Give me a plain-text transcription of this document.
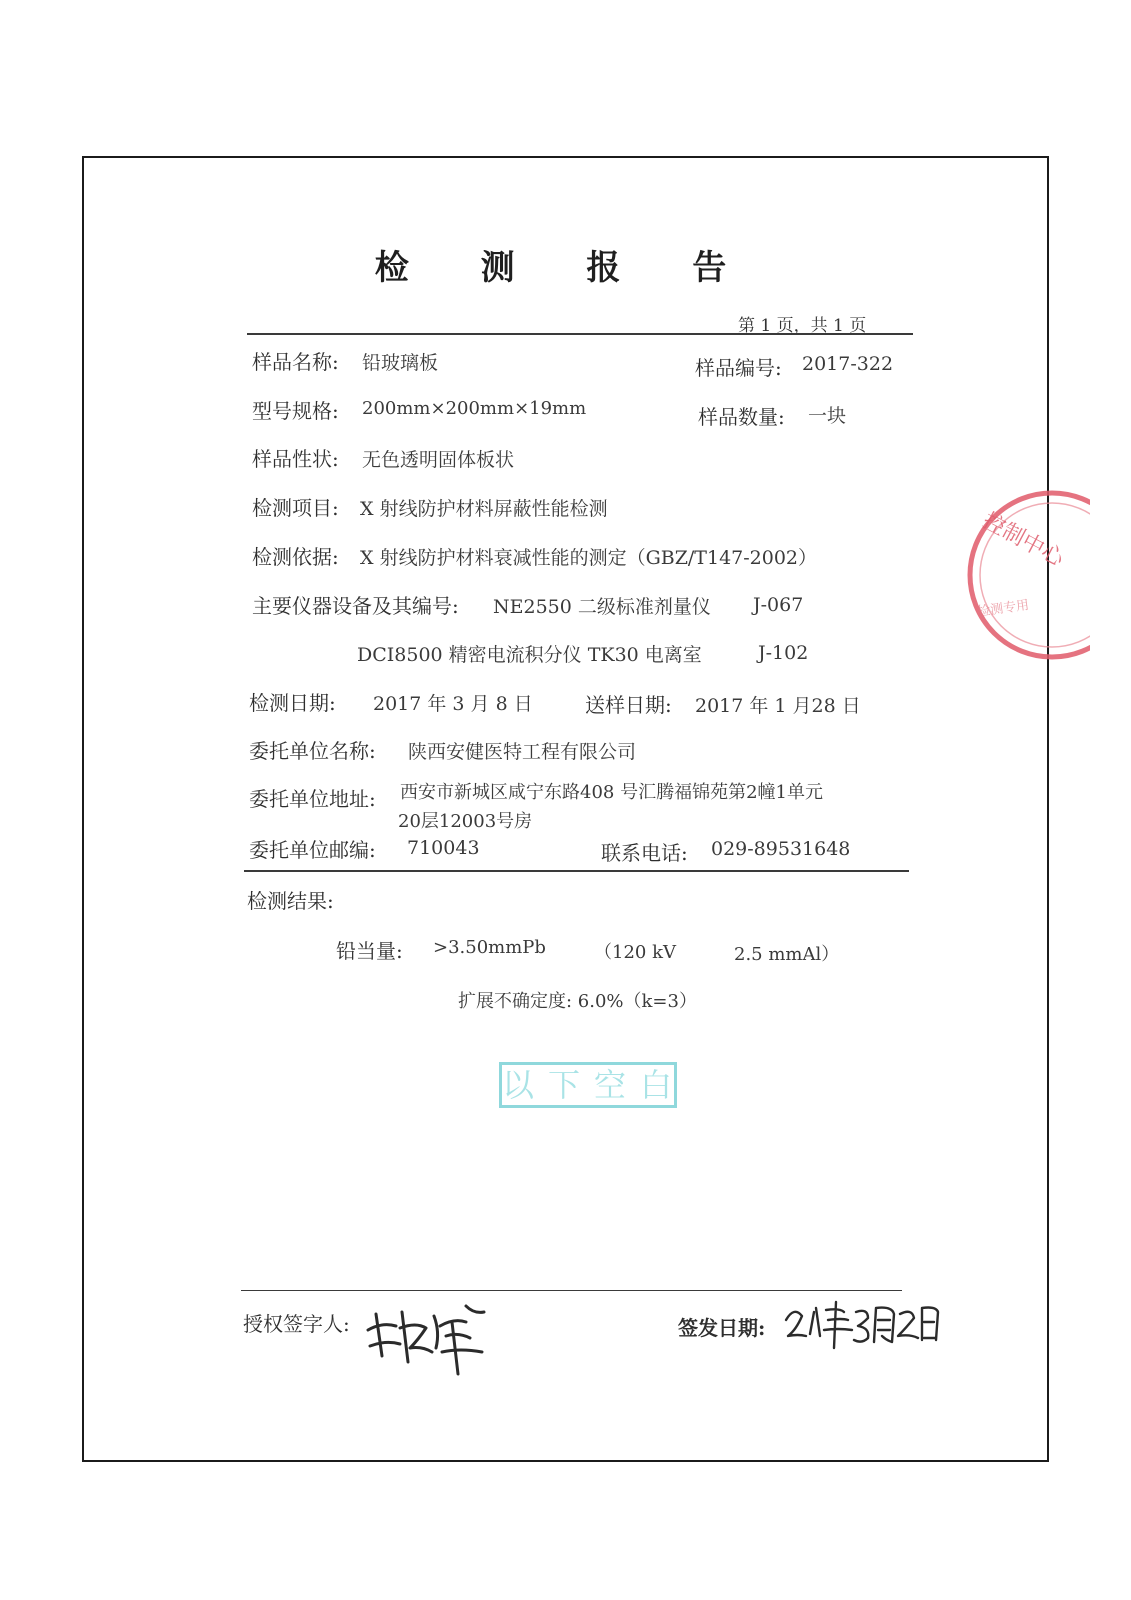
检 测 报 告
第 1 页，共 1 页
样品名称: 铅玻璃板	样品编号: 2017-322
型号规格: 200mm×200mm×19mm	样品数量: 一块
样品性状: 无色透明固体板状
检测项目: X 射线防护材料屏蔽性能检测
检测依据: X 射线防护材料衰减性能的测定（GBZ/T147-2002）
主要仪器设备及其编号: NE2550 二级标准剂量仪 J-067
DCI8500 精密电流积分仪 TK30 电离室	J-102
检测日期: 2017 年 3 月 8 日	送样日期: 2017 年 1 月28 日
委托单位名称: 陕西安健医特工程有限公司
委托单位地址: 西安市新城区咸宁东路408 号汇腾福锦苑第2幢1单元
20层12003号房
委托单位邮编: 710043	联系电话: 029-89531648
检测结果:
铅当量: >3.50mmPb	（120 kV	2.5 mmAl）
扩展不确定度: 6.0%（k=3）
以下空白
授权签字人:	签发日期:
控制中心
检测专用
